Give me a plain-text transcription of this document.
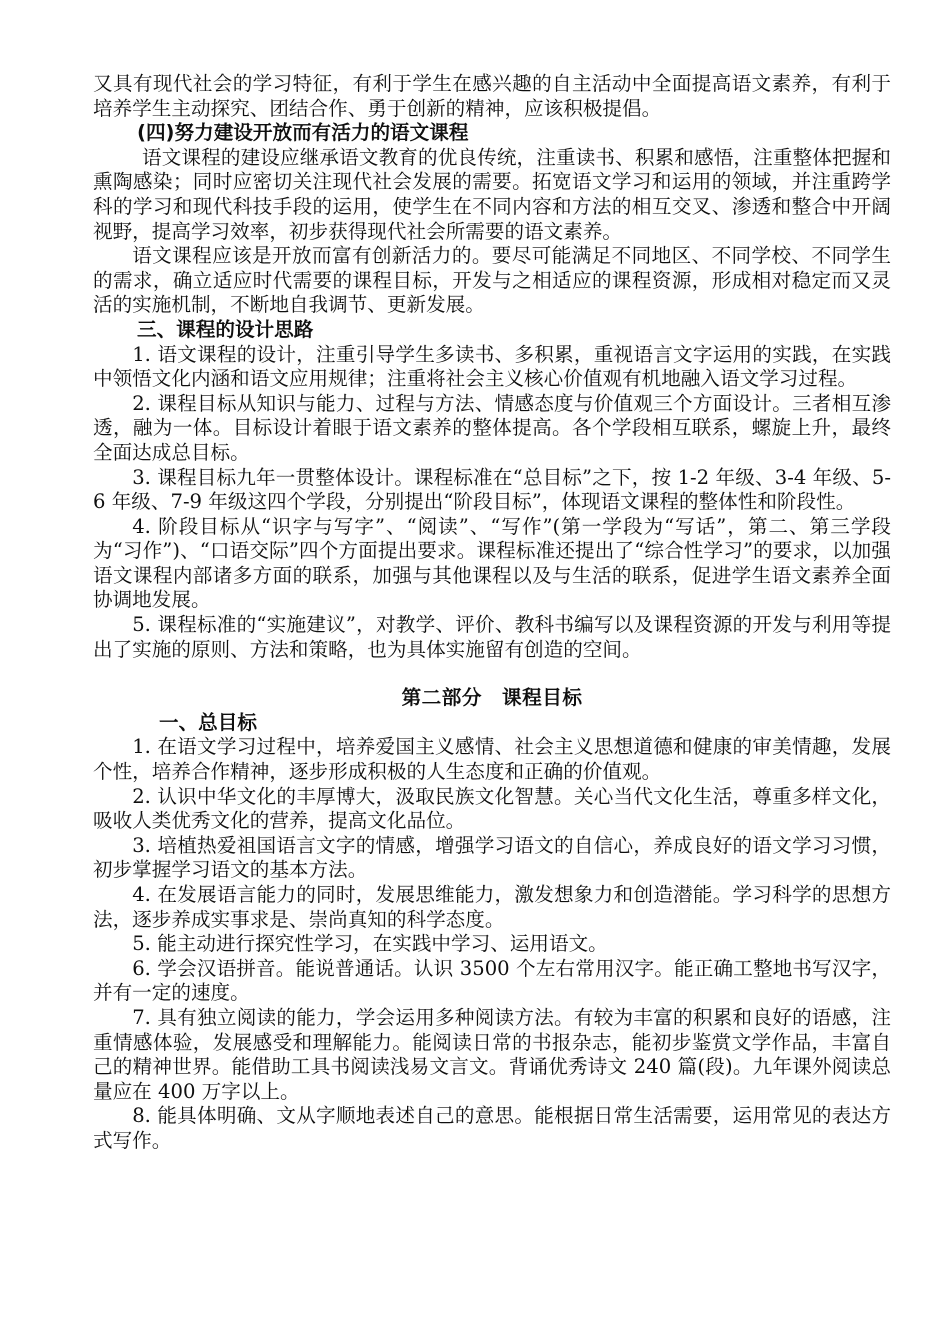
又具有现代社会的学习特征，有利于学生在感兴趣的自主活动中全面提高语文素养，有利于培养学生主动探究、团结合作、勇于创新的精神，应该积极提倡。

(四)努力建设开放而有活力的语文课程

语文课程的建设应继承语文教育的优良传统，注重读书、积累和感悟，注重整体把握和熏陶感染；同时应密切关注现代社会发展的需要。拓宽语文学习和运用的领域，并注重跨学科的学习和现代科技手段的运用，使学生在不同内容和方法的相互交叉、渗透和整合中开阔视野，提高学习效率，初步获得现代社会所需要的语文素养。

语文课程应该是开放而富有创新活力的。要尽可能满足不同地区、不同学校、不同学生的需求，确立适应时代需要的课程目标，开发与之相适应的课程资源，形成相对稳定而又灵活的实施机制，不断地自我调节、更新发展。

三、课程的设计思路

1. 语文课程的设计，注重引导学生多读书、多积累，重视语言文字运用的实践，在实践中领悟文化内涵和语文应用规律；注重将社会主义核心价值观有机地融入语文学习过程。

2. 课程目标从知识与能力、过程与方法、情感态度与价值观三个方面设计。三者相互渗透，融为一体。目标设计着眼于语文素养的整体提高。各个学段相互联系，螺旋上升，最终全面达成总目标。

3. 课程目标九年一贯整体设计。课程标准在“总目标”之下，按 1-2 年级、3-4 年级、5-6 年级、7-9 年级这四个学段，分别提出“阶段目标”，体现语文课程的整体性和阶段性。

4. 阶段目标从“识字与写字”、“阅读”、“写作”(第一学段为“写话”，第二、第三学段为“习作”)、“口语交际”四个方面提出要求。课程标准还提出了“综合性学习”的要求，以加强语文课程内部诸多方面的联系，加强与其他课程以及与生活的联系，促进学生语文素养全面协调地发展。

5. 课程标准的“实施建议”，对教学、评价、教科书编写以及课程资源的开发与利用等提出了实施的原则、方法和策略，也为具体实施留有创造的空间。

第二部分　课程目标

一、总目标

1. 在语文学习过程中，培养爱国主义感情、社会主义思想道德和健康的审美情趣，发展个性，培养合作精神，逐步形成积极的人生态度和正确的价值观。

2. 认识中华文化的丰厚博大，汲取民族文化智慧。关心当代文化生活，尊重多样文化，吸收人类优秀文化的营养，提高文化品位。

3. 培植热爱祖国语言文字的情感，增强学习语文的自信心，养成良好的语文学习习惯，初步掌握学习语文的基本方法。

4. 在发展语言能力的同时，发展思维能力，激发想象力和创造潜能。学习科学的思想方法，逐步养成实事求是、崇尚真知的科学态度。

5. 能主动进行探究性学习，在实践中学习、运用语文。

6. 学会汉语拼音。能说普通话。认识 3500 个左右常用汉字。能正确工整地书写汉字，并有一定的速度。

7. 具有独立阅读的能力，学会运用多种阅读方法。有较为丰富的积累和良好的语感，注重情感体验，发展感受和理解能力。能阅读日常的书报杂志，能初步鉴赏文学作品，丰富自己的精神世界。能借助工具书阅读浅易文言文。背诵优秀诗文 240 篇(段)。九年课外阅读总量应在 400 万字以上。

8. 能具体明确、文从字顺地表述自己的意思。能根据日常生活需要，运用常见的表达方式写作。
